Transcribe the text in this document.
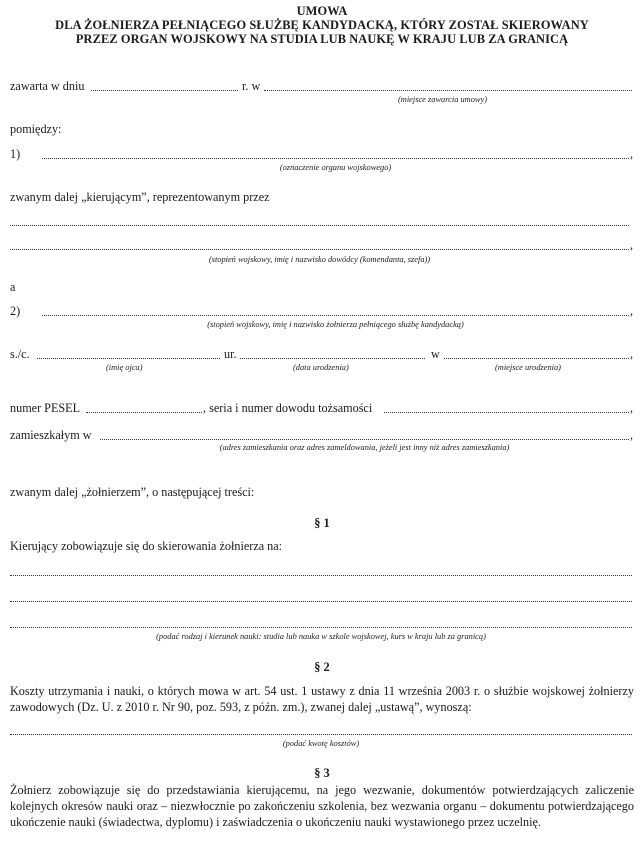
UMOWA
DLA ŻOŁNIERZA PEŁNIĄCEGO SŁUŻBĘ KANDYDACKĄ, KTÓRY ZOSTAŁ SKIEROWANY
PRZEZ ORGAN WOJSKOWY NA STUDIA LUB NAUKĘ W KRAJU LUB ZA GRANICĄ
zawarta w dniu	r. w
(miejsce zawarcia umowy)
pomiędzy:
1)	,
(oznaczenie organu wojskowego)
zwanym dalej „kierującym”, reprezentowanym przez
,
(stopień wojskowy, imię i nazwisko dowódcy (komendanta, szefa))
a
2)	,
(stopień wojskowy, imię i nazwisko żołnierza pełniącego służbę kandydacką)
s./c.	ur.	w	,
(imię ojca)	(data urodzenia)	(miejsce urodzenia)
numer PESEL	, seria i numer dowodu tożsamości	,
zamieszkałym w	,
(adres zamieszkania oraz adres zameldowania, jeżeli jest inny niż adres zamieszkania)
zwanym dalej „żołnierzem”, o następującej treści:
§ 1
Kierujący zobowiązuje się do skierowania żołnierza na:
(podać rodzaj i kierunek nauki: studia lub nauka w szkole wojskowej, kurs w kraju lub za granicą)
§ 2
Koszty utrzymania i nauki, o których mowa w art. 54 ust. 1 ustawy z dnia 11 września 2003 r. o służbie wojskowej żołnierzy zawodowych (Dz. U. z 2010 r. Nr 90, poz. 593, z późn. zm.), zwanej dalej „ustawą”, wynoszą:
(podać kwotę kosztów)
§ 3
Żołnierz zobowiązuje się do przedstawiania kierującemu, na jego wezwanie, dokumentów potwierdzających zaliczenie kolejnych okresów nauki oraz – niezwłocznie po zakończeniu szkolenia, bez wezwania organu – dokumentu potwierdzającego ukończenie nauki (świadectwa, dyplomu) i zaświadczenia o ukończeniu nauki wystawionego przez uczelnię.
